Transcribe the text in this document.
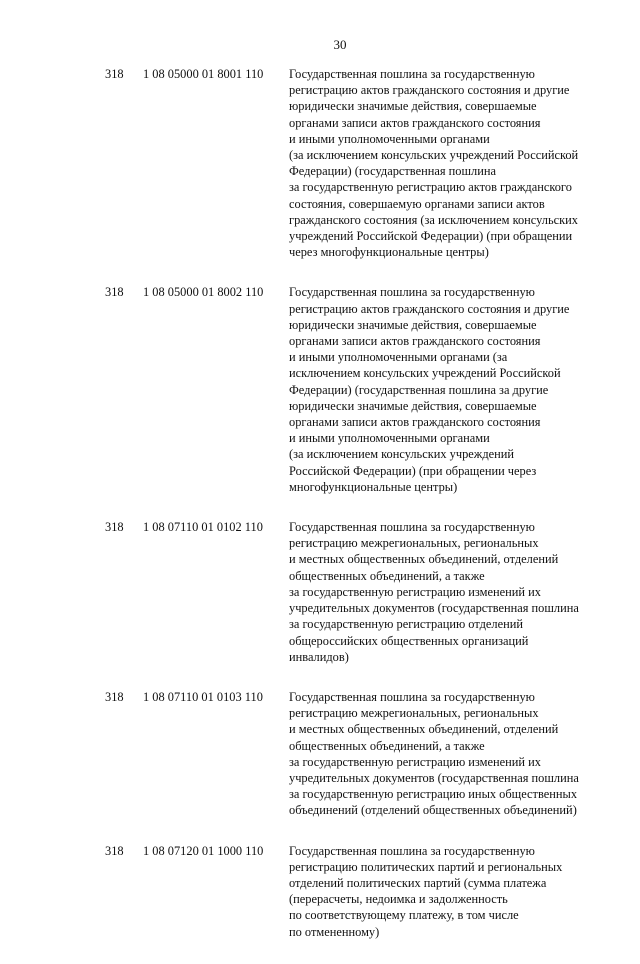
30
318	1 08 05000 01 8001 110	Государственная пошлина за государственную
регистрацию актов гражданского состояния и другие
юридически значимые действия, совершаемые
органами записи актов гражданского состояния
и иными уполномоченными органами
(за исключением консульских учреждений Российской
Федерации) (государственная пошлина
за государственную регистрацию актов гражданского
состояния, совершаемую органами записи актов
гражданского состояния (за исключением консульских
учреждений Российской Федерации) (при обращении
через многофункциональные центры)
318	1 08 05000 01 8002 110	Государственная пошлина за государственную
регистрацию актов гражданского состояния и другие
юридически значимые действия, совершаемые
органами записи актов гражданского состояния
и иными уполномоченными органами (за
исключением консульских учреждений Российской
Федерации) (государственная пошлина за другие
юридически значимые действия, совершаемые
органами записи актов гражданского состояния
и иными уполномоченными органами
(за исключением консульских учреждений
Российской Федерации) (при обращении через
многофункциональные центры)
318	1 08 07110 01 0102 110	Государственная пошлина за государственную
регистрацию межрегиональных, региональных
и местных общественных объединений, отделений
общественных объединений, а также
за государственную регистрацию изменений их
учредительных документов (государственная пошлина
за государственную регистрацию отделений
общероссийских общественных организаций
инвалидов)
318	1 08 07110 01 0103 110	Государственная пошлина за государственную
регистрацию межрегиональных, региональных
и местных общественных объединений, отделений
общественных объединений, а также
за государственную регистрацию изменений их
учредительных документов (государственная пошлина
за государственную регистрацию иных общественных
объединений (отделений общественных объединений)
318	1 08 07120 01 1000 110	Государственная пошлина за государственную
регистрацию политических партий и региональных
отделений политических партий (сумма платежа
(перерасчеты, недоимка и задолженность
по соответствующему платежу, в том числе
по отмененному)
